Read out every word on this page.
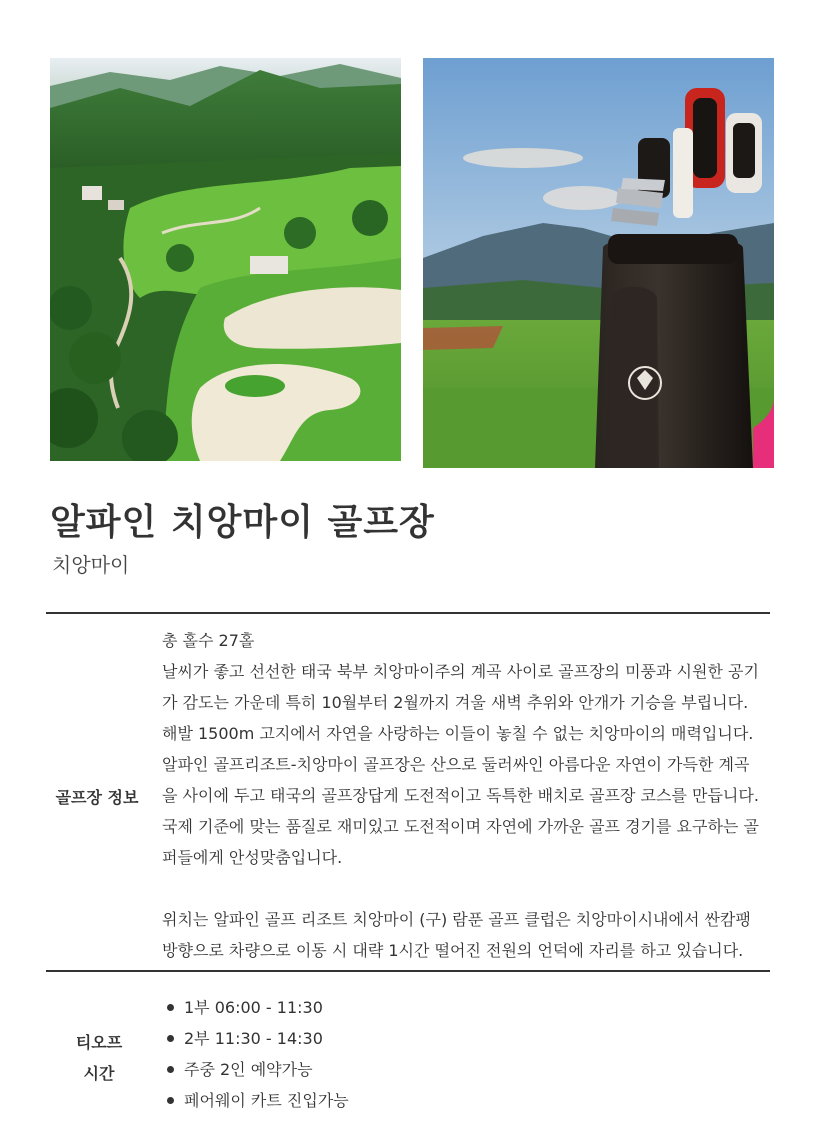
알파인 치앙마이 골프장

치앙마이

골프장 정보

총 홀수 27홀

날씨가 좋고 선선한 태국 북부 치앙마이주의 계곡 사이로 골프장의 미풍과 시원한 공기

가 감도는 가운데 특히 10월부터 2월까지 겨울 새벽 추위와 안개가 기승을 부립니다.

해발 1500m 고지에서 자연을 사랑하는 이들이 놓칠 수 없는 치앙마이의 매력입니다.

알파인 골프리조트-치앙마이 골프장은 산으로 둘러싸인 아름다운 자연이 가득한 계곡

을 사이에 두고 태국의 골프장답게 도전적이고 독특한 배치로 골프장 코스를 만듭니다.

국제 기준에 맞는 품질로 재미있고 도전적이며 자연에 가까운 골프 경기를 요구하는 골

퍼들에게 안성맞춤입니다.

위치는 알파인 골프 리조트 치앙마이 (구) 람푼 골프 클럽은 치앙마이시내에서 싼캄팽

방향으로 차량으로 이동 시 대략 1시간 떨어진 전원의 언덕에 자리를 하고 있습니다.

티오프
시간
1부 06:00 - 11:30
2부 11:30 - 14:30
주중 2인 예약가능
페어웨이 카트 진입가능
